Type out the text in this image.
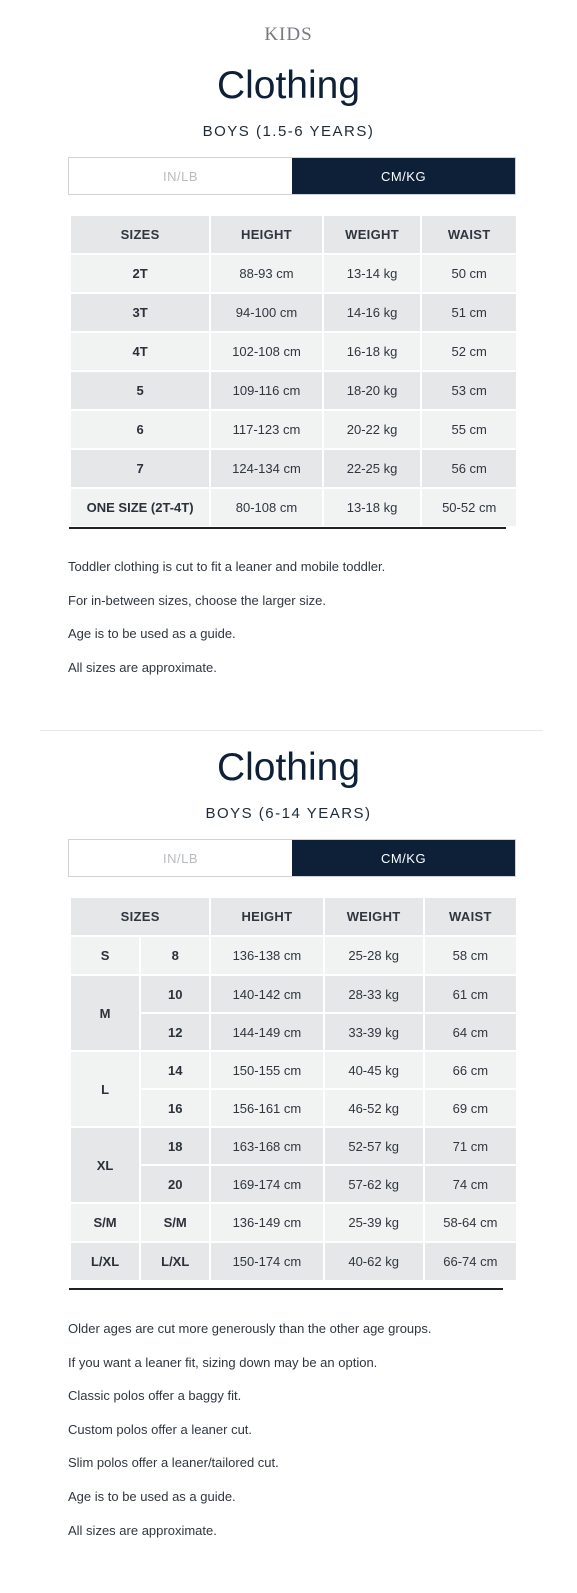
KIDS
Clothing
BOYS (1.5-6 YEARS)
IN/LB	CM/KG
SIZES	HEIGHT	WEIGHT	WAIST
2T	88-93 cm	13-14 kg	50 cm
3T	94-100 cm	14-16 kg	51 cm
4T	102-108 cm	16-18 kg	52 cm
5	109-116 cm	18-20 kg	53 cm
6	117-123 cm	20-22 kg	55 cm
7	124-134 cm	22-25 kg	56 cm
ONE SIZE (2T-4T)	80-108 cm	13-18 kg	50-52 cm
Toddler clothing is cut to fit a leaner and mobile toddler.
For in-between sizes, choose the larger size.
Age is to be used as a guide.
All sizes are approximate.
Clothing
BOYS (6-14 YEARS)
IN/LB	CM/KG
SIZES		HEIGHT	WEIGHT	WAIST
S	8	136-138 cm	25-28 kg	58 cm
M	10	140-142 cm	28-33 kg	61 cm
	12	144-149 cm	33-39 kg	64 cm
L	14	150-155 cm	40-45 kg	66 cm
	16	156-161 cm	46-52 kg	69 cm
XL	18	163-168 cm	52-57 kg	71 cm
	20	169-174 cm	57-62 kg	74 cm
S/M	S/M	136-149 cm	25-39 kg	58-64 cm
L/XL	L/XL	150-174 cm	40-62 kg	66-74 cm
Older ages are cut more generously than the other age groups.
If you want a leaner fit, sizing down may be an option.
Classic polos offer a baggy fit.
Custom polos offer a leaner cut.
Slim polos offer a leaner/tailored cut.
Age is to be used as a guide.
All sizes are approximate.
